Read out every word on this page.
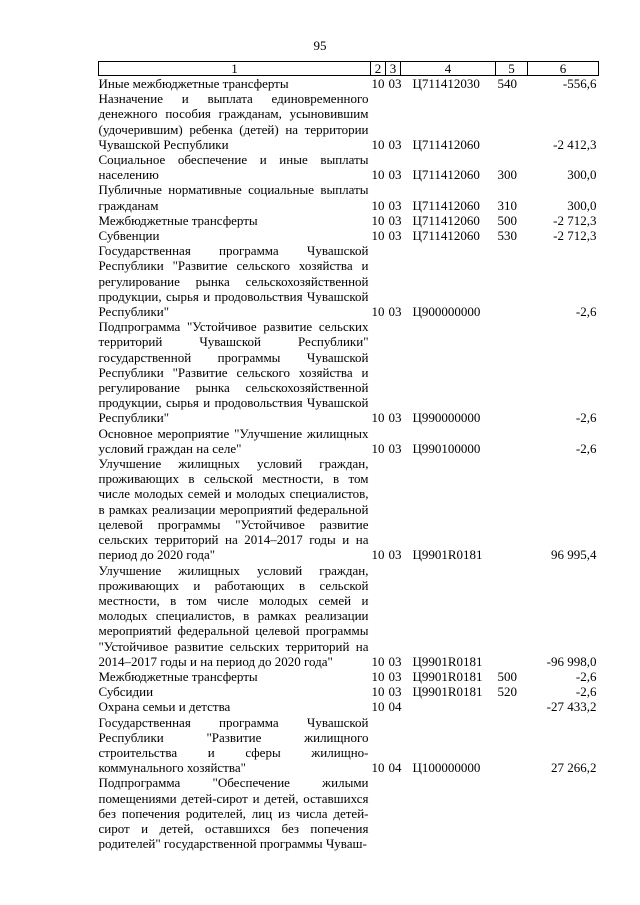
95
1	2	3	4	5	6
Иные межбюджетные трансферты	10	03	Ц711412030	540	-556,6
Назначение и выплата единовременного денежного пособия гражданам, усыновившим (удочерившим) ребенка (детей) на территории Чувашской Республики	10	03	Ц711412060		-2 412,3
Социальное обеспечение и иные выплаты населению	10	03	Ц711412060	300	300,0
Публичные нормативные социальные выплаты гражданам	10	03	Ц711412060	310	300,0
Межбюджетные трансферты	10	03	Ц711412060	500	-2 712,3
Субвенции	10	03	Ц711412060	530	-2 712,3
Государственная программа Чувашской Республики "Развитие сельского хозяйства и регулирование рынка сельскохозяйственной продукции, сырья и продовольствия Чувашской Республики"	10	03	Ц900000000		-2,6
Подпрограмма "Устойчивое развитие сельских территорий Чувашской Республики" государственной программы Чувашской Республики "Развитие сельского хозяйства и регулирование рынка сельскохозяйственной продукции, сырья и продовольствия Чувашской Республики"	10	03	Ц990000000		-2,6
Основное мероприятие "Улучшение жилищных условий граждан на селе"	10	03	Ц990100000		-2,6
Улучшение жилищных условий граждан, проживающих в сельской местности, в том числе молодых семей и молодых специалистов, в рамках реализации мероприятий федеральной целевой программы "Устойчивое развитие сельских территорий на 2014–2017 годы и на период до 2020 года"	10	03	Ц9901R0181		96 995,4
Улучшение жилищных условий граждан, проживающих и работающих в сельской местности, в том числе молодых семей и молодых специалистов, в рамках реализации мероприятий федеральной целевой программы "Устойчивое развитие сельских территорий на 2014–2017 годы и на период до 2020 года"	10	03	Ц9901R0181		-96 998,0
Межбюджетные трансферты	10	03	Ц9901R0181	500	-2,6
Субсидии	10	03	Ц9901R0181	520	-2,6
Охрана семьи и детства	10	04			-27 433,2
Государственная программа Чувашской Республики "Развитие жилищного строительства и сферы жилищно-коммунального хозяйства"	10	04	Ц100000000		27 266,2
Подпрограмма "Обеспечение жилыми помещениями детей-сирот и детей, оставшихся без попечения родителей, лиц из числа детей-сирот и детей, оставшихся без попечения родителей" государственной программы Чуваш-					
